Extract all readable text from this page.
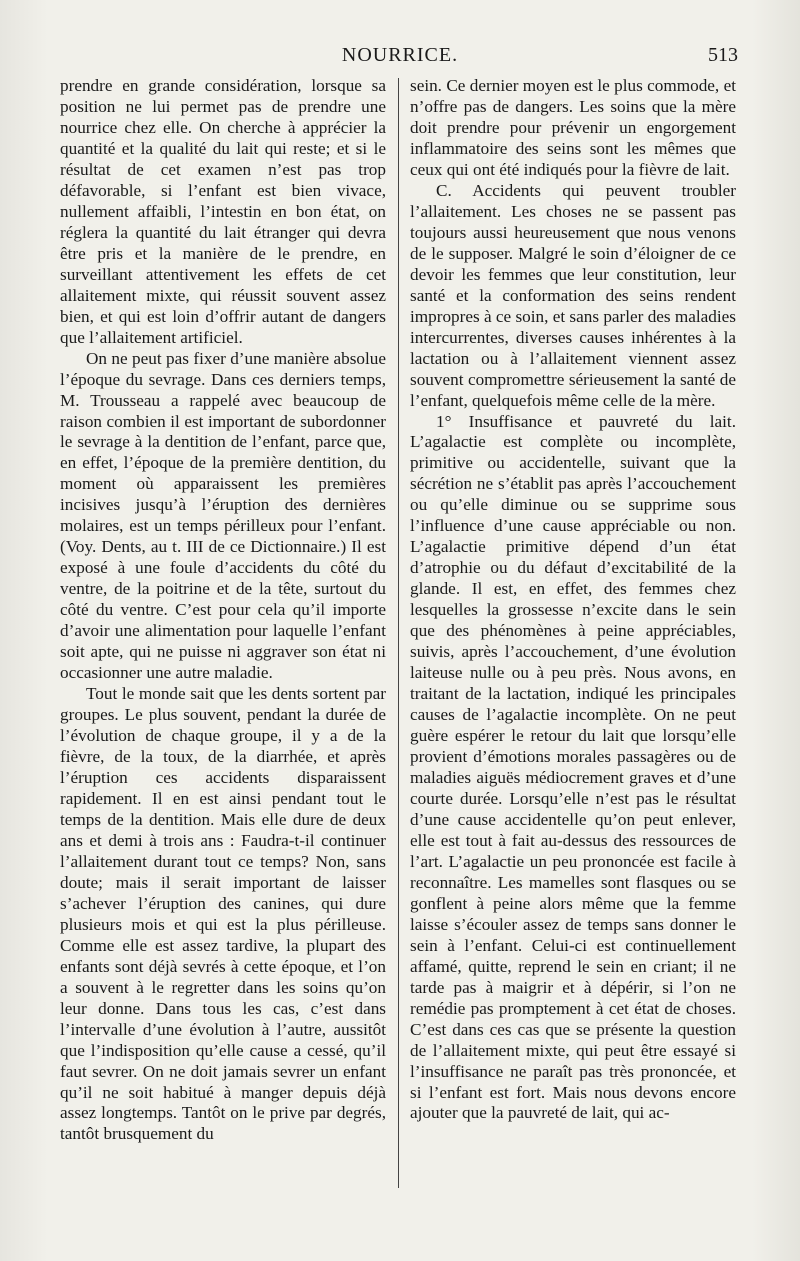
NOURRICE.	513

prendre en grande considération, lorsque sa position ne lui permet pas de prendre une nourrice chez elle. On cherche à apprécier la quantité et la qualité du lait qui reste; et si le résultat de cet examen n’est pas trop défavorable, si l’enfant est bien vivace, nullement affaibli, l’intestin en bon état, on réglera la quantité du lait étranger qui devra être pris et la manière de le prendre, en surveillant attentivement les effets de cet allaitement mixte, qui réussit souvent assez bien, et qui est loin d’offrir autant de dangers que l’allaitement artificiel.

On ne peut pas fixer d’une manière absolue l’époque du sevrage. Dans ces derniers temps, M. Trousseau a rappelé avec beaucoup de raison combien il est important de subordonner le sevrage à la dentition de l’enfant, parce que, en effet, l’époque de la première dentition, du moment où apparaissent les premières incisives jusqu’à l’éruption des dernières molaires, est un temps périlleux pour l’enfant. (Voy. Dents, au t. III de ce Dictionnaire.) Il est exposé à une foule d’accidents du côté du ventre, de la poitrine et de la tête, surtout du côté du ventre. C’est pour cela qu’il importe d’avoir une alimentation pour laquelle l’enfant soit apte, qui ne puisse ni aggraver son état ni occasionner une autre maladie.

Tout le monde sait que les dents sortent par groupes. Le plus souvent, pendant la durée de l’évolution de chaque groupe, il y a de la fièvre, de la toux, de la diarrhée, et après l’éruption ces accidents disparaissent rapidement. Il en est ainsi pendant tout le temps de la dentition. Mais elle dure de deux ans et demi à trois ans : Faudra-t-il continuer l’allaitement durant tout ce temps? Non, sans doute; mais il serait important de laisser s’achever l’éruption des canines, qui dure plusieurs mois et qui est la plus périlleuse. Comme elle est assez tardive, la plupart des enfants sont déjà sevrés à cette époque, et l’on a souvent à le regretter dans les soins qu’on leur donne. Dans tous les cas, c’est dans l’intervalle d’une évolution à l’autre, aussitôt que l’indisposition qu’elle cause a cessé, qu’il faut sevrer. On ne doit jamais sevrer un enfant qu’il ne soit habitué à manger depuis déjà assez longtemps. Tantôt on le prive par degrés, tantôt brusquement du

sein. Ce dernier moyen est le plus commode, et n’offre pas de dangers. Les soins que la mère doit prendre pour prévenir un engorgement inflammatoire des seins sont les mêmes que ceux qui ont été indiqués pour la fièvre de lait.

C. Accidents qui peuvent troubler l’allaitement. Les choses ne se passent pas toujours aussi heureusement que nous venons de le supposer. Malgré le soin d’éloigner de ce devoir les femmes que leur constitution, leur santé et la conformation des seins rendent impropres à ce soin, et sans parler des maladies intercurrentes, diverses causes inhérentes à la lactation ou à l’allaitement viennent assez souvent compromettre sérieusement la santé de l’enfant, quelquefois même celle de la mère.

1° Insuffisance et pauvreté du lait. L’agalactie est complète ou incomplète, primitive ou accidentelle, suivant que la sécrétion ne s’établit pas après l’accouchement ou qu’elle diminue ou se supprime sous l’influence d’une cause appréciable ou non. L’agalactie primitive dépend d’un état d’atrophie ou du défaut d’excitabilité de la glande. Il est, en effet, des femmes chez lesquelles la grossesse n’excite dans le sein que des phénomènes à peine appréciables, suivis, après l’accouchement, d’une évolution laiteuse nulle ou à peu près. Nous avons, en traitant de la lactation, indiqué les principales causes de l’agalactie incomplète. On ne peut guère espérer le retour du lait que lorsqu’elle provient d’émotions morales passagères ou de maladies aiguës médiocrement graves et d’une courte durée. Lorsqu’elle n’est pas le résultat d’une cause accidentelle qu’on peut enlever, elle est tout à fait au-dessus des ressources de l’art. L’agalactie un peu prononcée est facile à reconnaître. Les mamelles sont flasques ou se gonflent à peine alors même que la femme laisse s’écouler assez de temps sans donner le sein à l’enfant. Celui-ci est continuellement affamé, quitte, reprend le sein en criant; il ne tarde pas à maigrir et à dépérir, si l’on ne remédie pas promptement à cet état de choses. C’est dans ces cas que se présente la question de l’allaitement mixte, qui peut être essayé si l’insuffisance ne paraît pas très prononcée, et si l’enfant est fort. Mais nous devons encore ajouter que la pauvreté de lait, qui ac-
